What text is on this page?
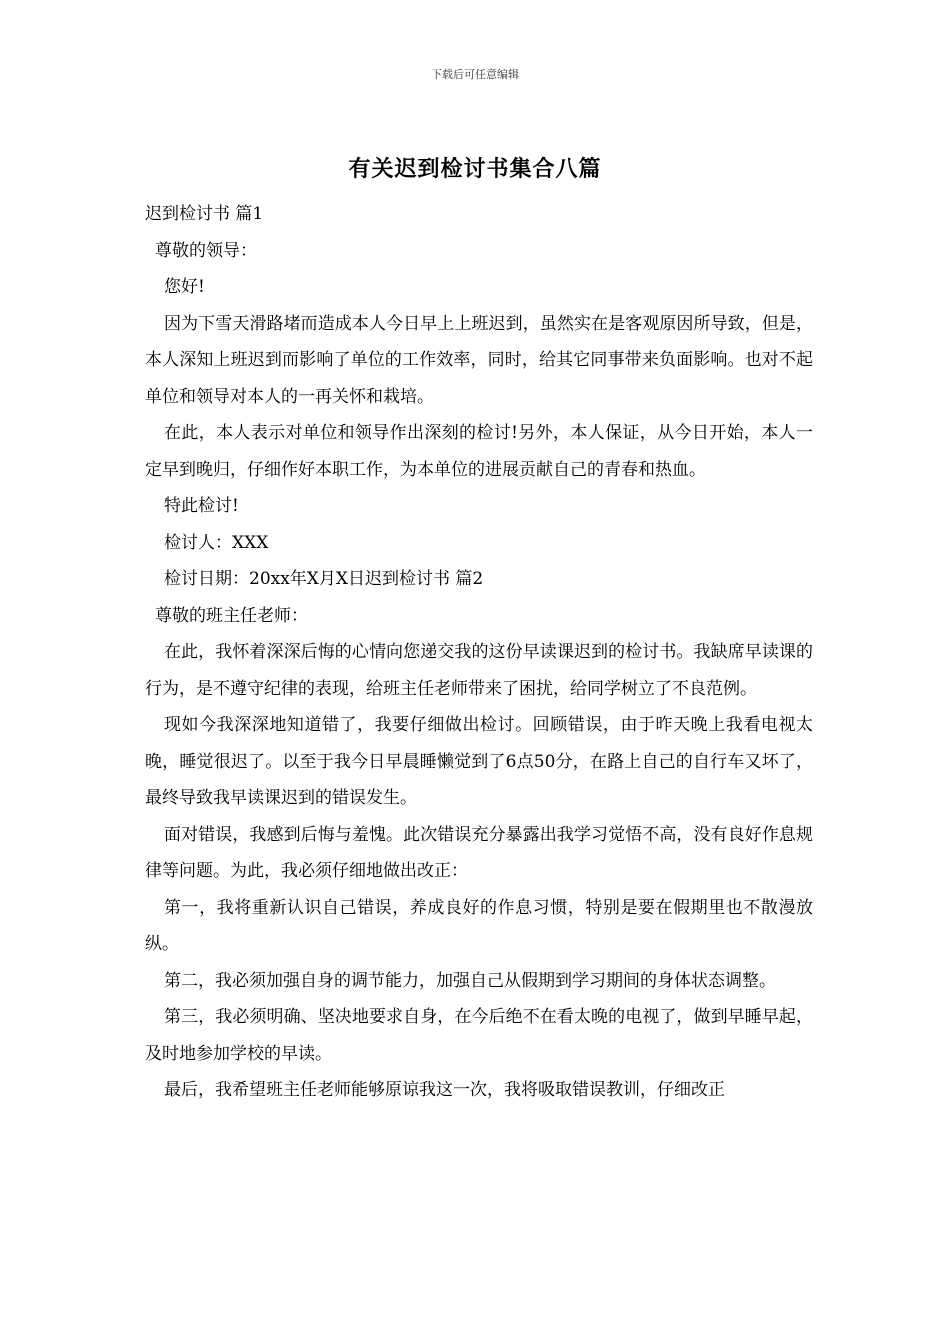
下载后可任意编辑
有关迟到检讨书集合八篇

迟到检讨书 篇1

尊敬的领导：

您好!

因为下雪天滑路堵而造成本人今日早上上班迟到，虽然实在是客观原因所导致，但是，本人深知上班迟到而影响了单位的工作效率，同时，给其它同事带来负面影响。也对不起单位和领导对本人的一再关怀和栽培。

在此，本人表示对单位和领导作出深刻的检讨!另外，本人保证，从今日开始，本人一定早到晚归，仔细作好本职工作，为本单位的进展贡献自己的青春和热血。

特此检讨!

检讨人：XXX

检讨日期：20xx年X月X日迟到检讨书 篇2

尊敬的班主任老师：

在此，我怀着深深后悔的心情向您递交我的这份早读课迟到的检讨书。我缺席早读课的行为，是不遵守纪律的表现，给班主任老师带来了困扰，给同学树立了不良范例。

现如今我深深地知道错了，我要仔细做出检讨。回顾错误，由于昨天晚上我看电视太晚，睡觉很迟了。以至于我今日早晨睡懒觉到了6点50分，在路上自己的自行车又坏了，最终导致我早读课迟到的错误发生。

面对错误，我感到后悔与羞愧。此次错误充分暴露出我学习觉悟不高，没有良好作息规律等问题。为此，我必须仔细地做出改正：

第一，我将重新认识自己错误，养成良好的作息习惯，特别是要在假期里也不散漫放纵。

第二，我必须加强自身的调节能力，加强自己从假期到学习期间的身体状态调整。

第三，我必须明确、坚决地要求自身，在今后绝不在看太晚的电视了，做到早睡早起，及时地参加学校的早读。

最后，我希望班主任老师能够原谅我这一次，我将吸取错误教训，仔细改正
